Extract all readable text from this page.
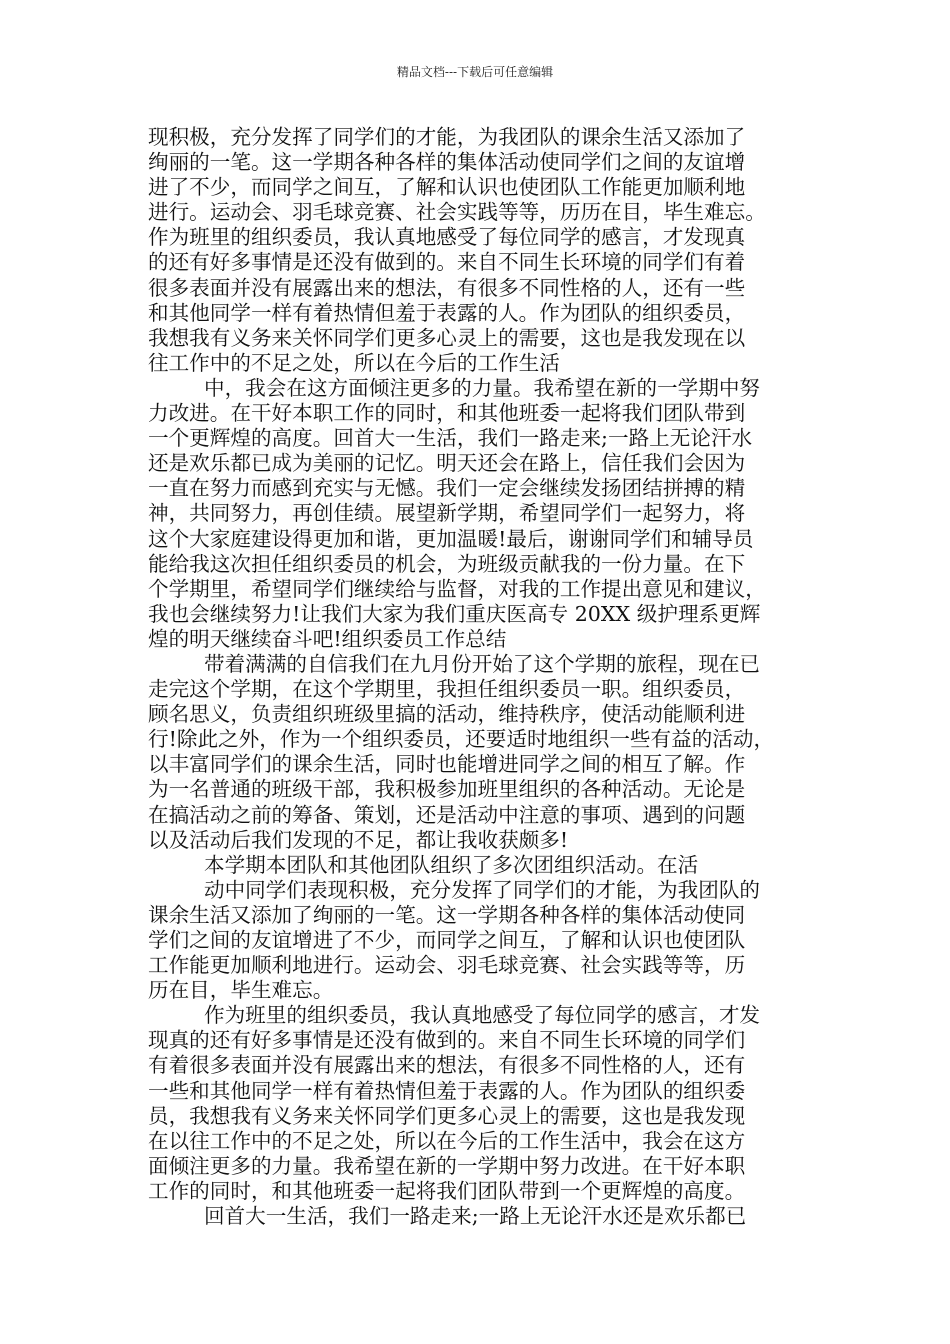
精品文档---下载后可任意编辑
现积极，充分发挥了同学们的才能，为我团队的课余生活又添加了
绚丽的一笔。这一学期各种各样的集体活动使同学们之间的友谊增
进了不少，而同学之间互，了解和认识也使团队工作能更加顺利地
进行。运动会、羽毛球竞赛、社会实践等等，历历在目，毕生难忘。
作为班里的组织委员，我认真地感受了每位同学的感言，才发现真
的还有好多事情是还没有做到的。来自不同生长环境的同学们有着
很多表面并没有展露出来的想法，有很多不同性格的人，还有一些
和其他同学一样有着热情但羞于表露的人。作为团队的组织委员，
我想我有义务来关怀同学们更多心灵上的需要，这也是我发现在以
往工作中的不足之处，所以在今后的工作生活
中，我会在这方面倾注更多的力量。我希望在新的一学期中努
力改进。在干好本职工作的同时，和其他班委一起将我们团队带到
一个更辉煌的高度。回首大一生活，我们一路走来;一路上无论汗水
还是欢乐都已成为美丽的记忆。明天还会在路上，信任我们会因为
一直在努力而感到充实与无憾。我们一定会继续发扬团结拼搏的精
神，共同努力，再创佳绩。展望新学期，希望同学们一起努力，将
这个大家庭建设得更加和谐，更加温暖!最后，谢谢同学们和辅导员
能给我这次担任组织委员的机会，为班级贡献我的一份力量。在下
个学期里，希望同学们继续给与监督，对我的工作提出意见和建议，
我也会继续努力!让我们大家为我们重庆医高专 20XX 级护理系更辉
煌的明天继续奋斗吧!组织委员工作总结
带着满满的自信我们在九月份开始了这个学期的旅程，现在已
走完这个学期，在这个学期里，我担任组织委员一职。组织委员，
顾名思义，负责组织班级里搞的活动，维持秩序，使活动能顺利进
行!除此之外，作为一个组织委员，还要适时地组织一些有益的活动，
以丰富同学们的课余生活，同时也能增进同学之间的相互了解。作
为一名普通的班级干部，我积极参加班里组织的各种活动。无论是
在搞活动之前的筹备、策划，还是活动中注意的事项、遇到的问题
以及活动后我们发现的不足，都让我收获颇多!
本学期本团队和其他团队组织了多次团组织活动。在活
动中同学们表现积极，充分发挥了同学们的才能，为我团队的
课余生活又添加了绚丽的一笔。这一学期各种各样的集体活动使同
学们之间的友谊增进了不少，而同学之间互，了解和认识也使团队
工作能更加顺利地进行。运动会、羽毛球竞赛、社会实践等等，历
历在目，毕生难忘。
作为班里的组织委员，我认真地感受了每位同学的感言，才发
现真的还有好多事情是还没有做到的。来自不同生长环境的同学们
有着很多表面并没有展露出来的想法，有很多不同性格的人，还有
一些和其他同学一样有着热情但羞于表露的人。作为团队的组织委
员，我想我有义务来关怀同学们更多心灵上的需要，这也是我发现
在以往工作中的不足之处，所以在今后的工作生活中，我会在这方
面倾注更多的力量。我希望在新的一学期中努力改进。在干好本职
工作的同时，和其他班委一起将我们团队带到一个更辉煌的高度。
回首大一生活，我们一路走来;一路上无论汗水还是欢乐都已
